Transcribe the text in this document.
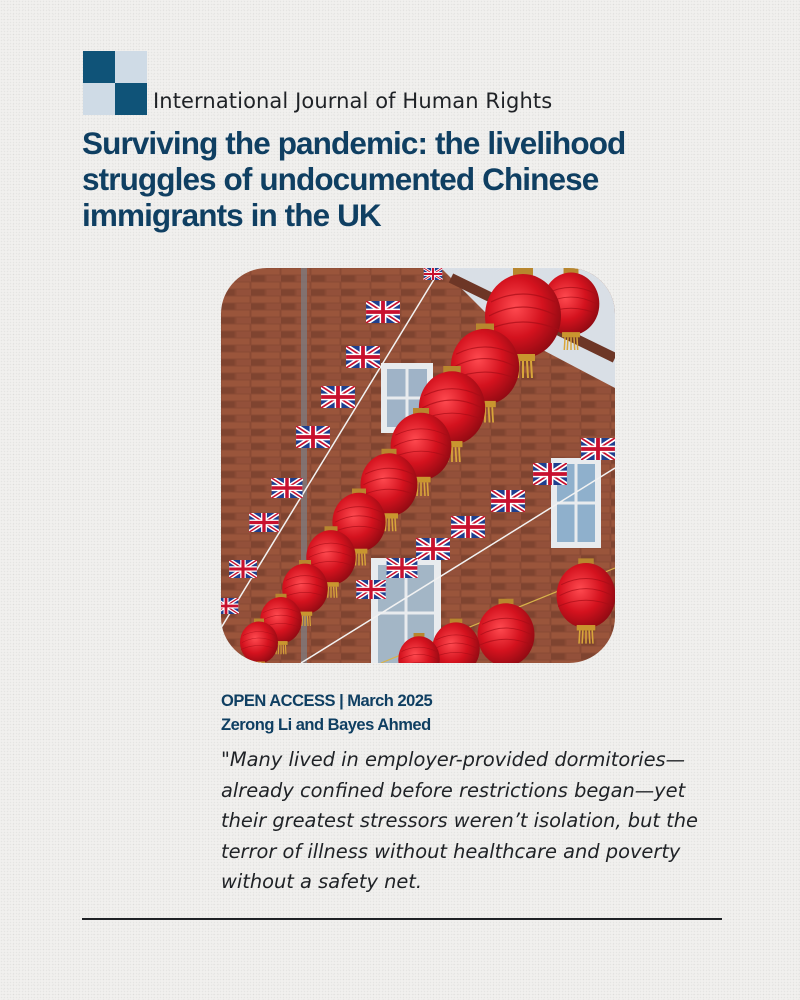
International Journal of Human Rights
Surviving the pandemic: the livelihood struggles of undocumented Chinese immigrants in the UK
OPEN ACCESS | March 2025
Zerong Li and Bayes Ahmed

"Many lived in employer-provided dormitories—already confined before restrictions began—yet their greatest stressors weren’t isolation, but the terror of illness without healthcare and poverty without a safety net.
